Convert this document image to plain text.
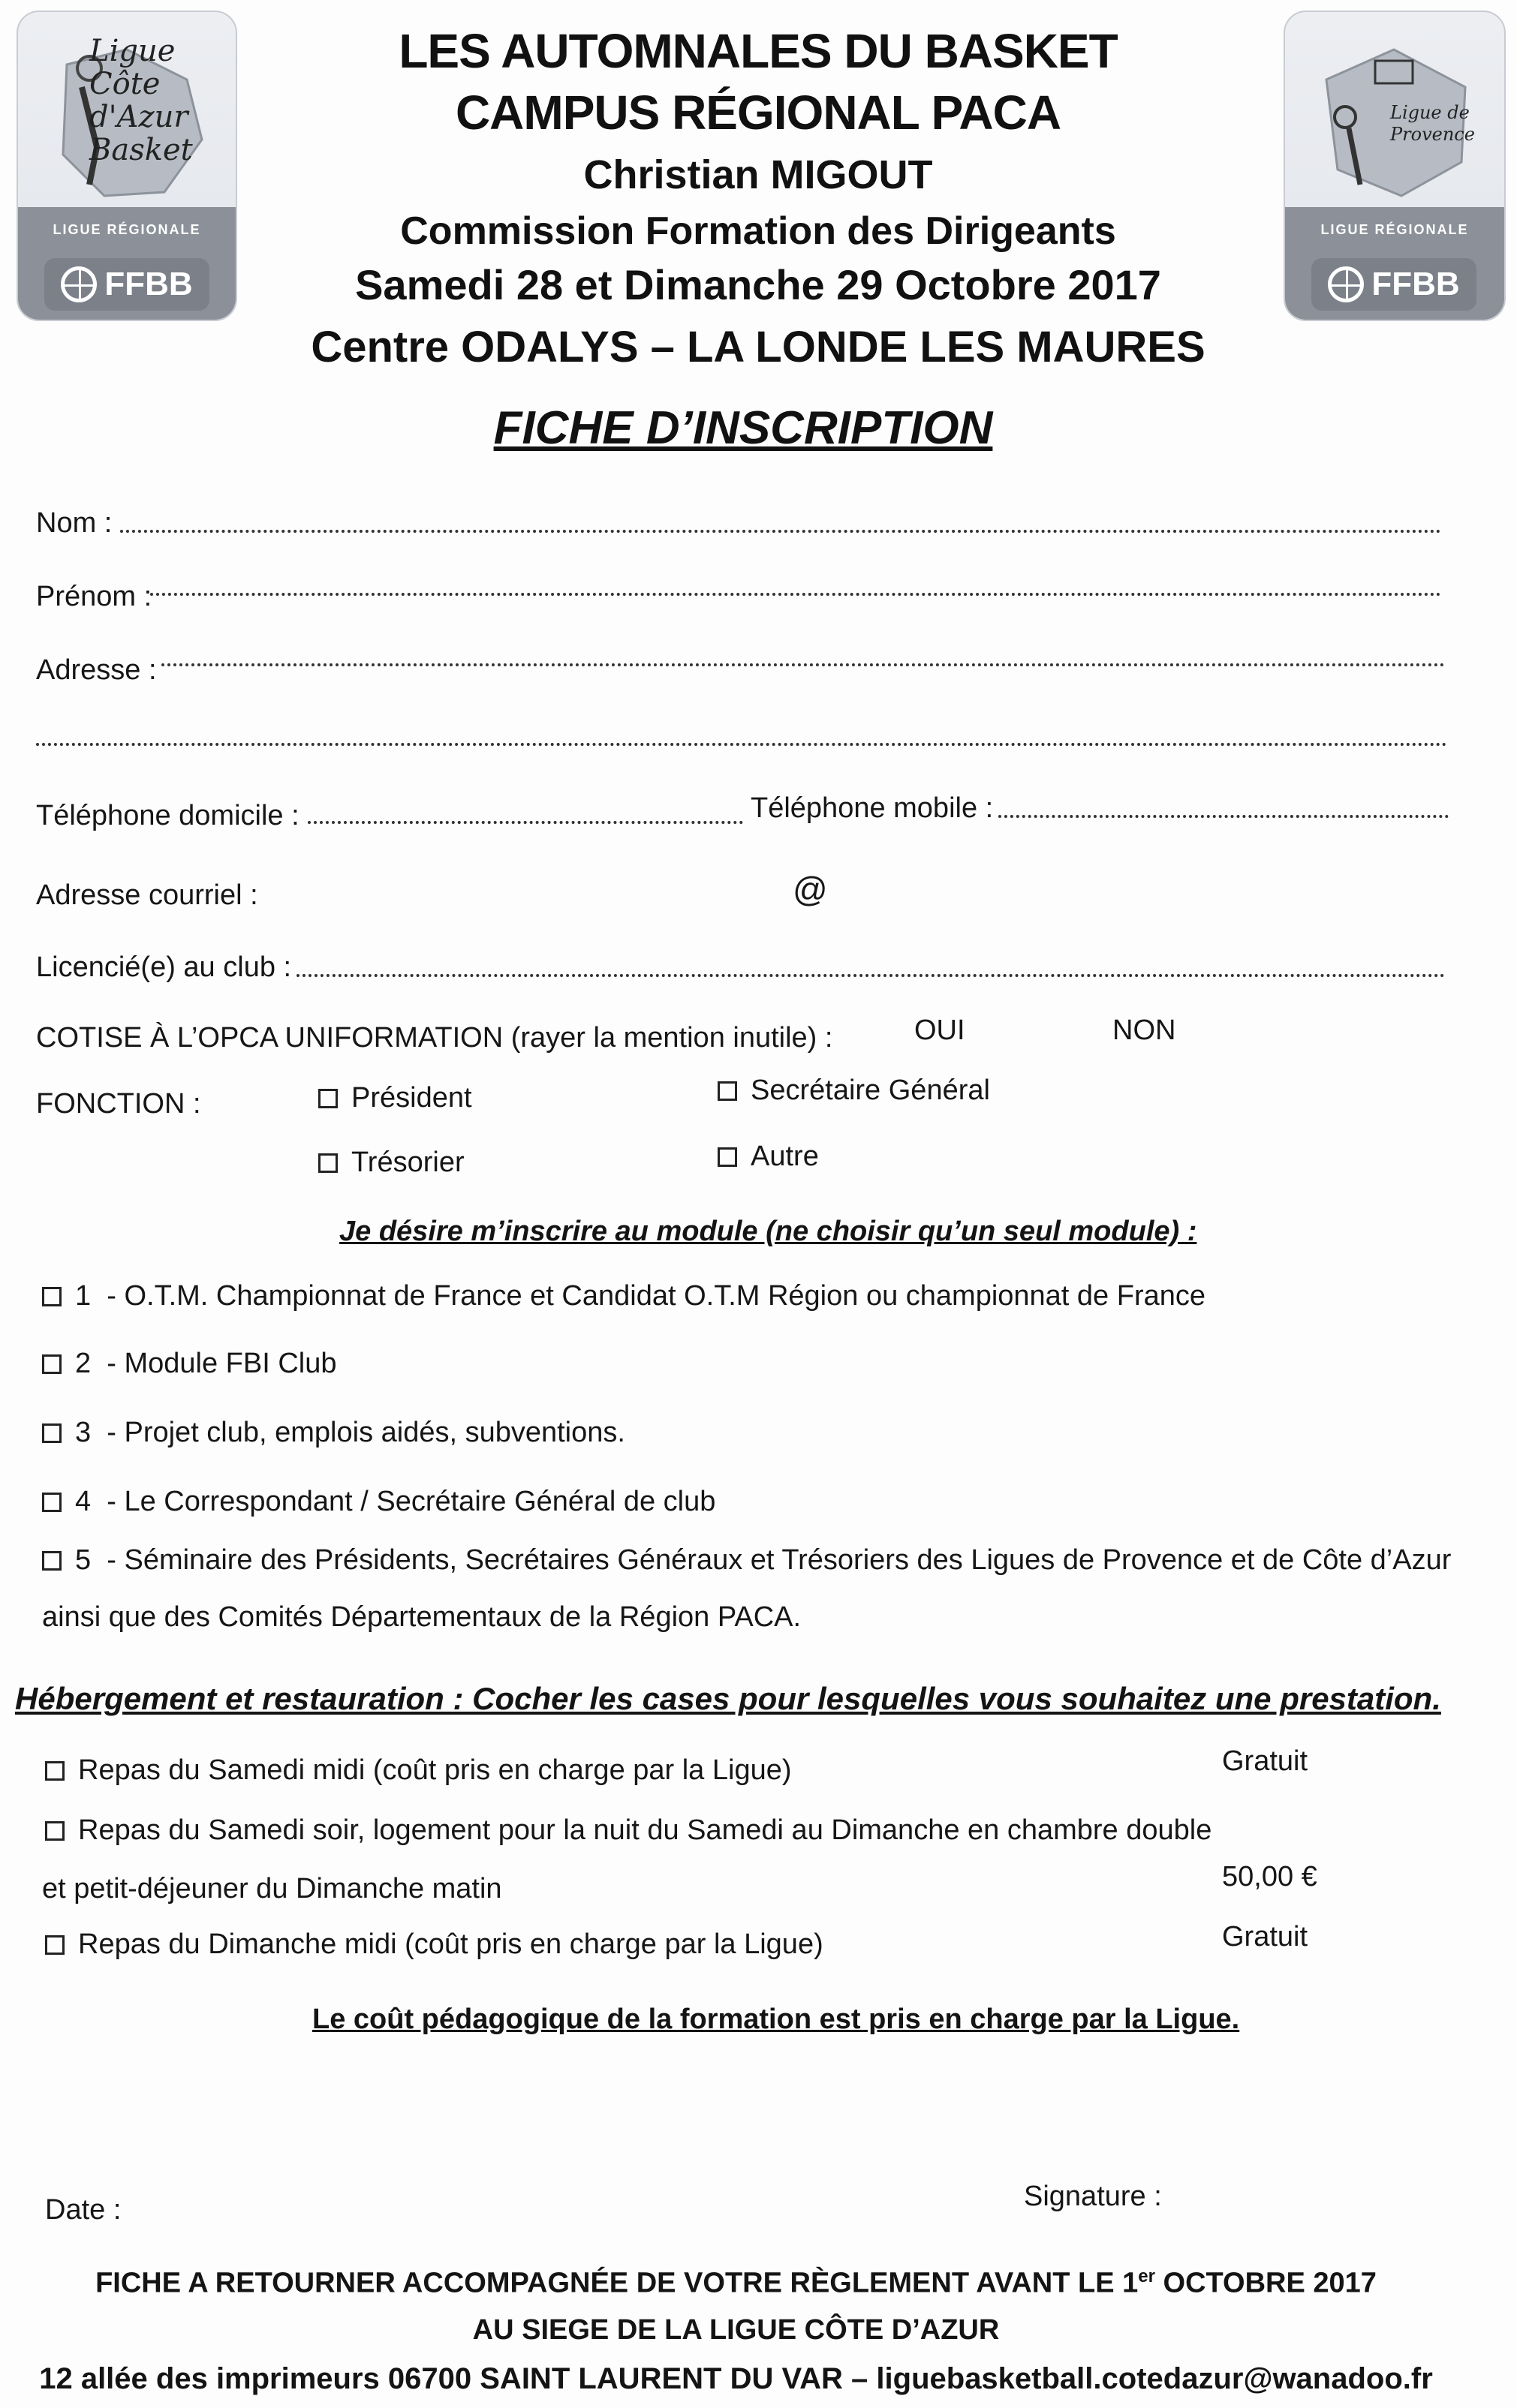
Ligue Côte d'Azur Basket
LIGUE RÉGIONALE
FFBB
Ligue de Provence
LIGUE RÉGIONALE
FFBB
LES AUTOMNALES DU BASKET
CAMPUS RÉGIONAL PACA
Christian MIGOUT
Commission Formation des Dirigeants
Samedi 28 et Dimanche 29 Octobre 2017
Centre ODALYS – LA LONDE LES MAURES
FICHE D’INSCRIPTION
Nom :
Prénom :
Adresse :
Téléphone domicile :	Téléphone mobile :
Adresse courriel :	@
Licencié(e) au club :
COTISE À L’OPCA UNIFORMATION (rayer la mention inutile) :	OUI	NON
FONCTION :	Président	Secrétaire Général
Trésorier	Autre
Je désire m’inscrire au module (ne choisir qu’un seul module) :
1 - O.T.M. Championnat de France et Candidat O.T.M Région ou championnat de France
2 - Module FBI Club
3 - Projet club, emplois aidés, subventions.
4 - Le Correspondant / Secrétaire Général de club
5 - Séminaire des Présidents, Secrétaires Généraux et Trésoriers des Ligues de Provence et de Côte d’Azur
ainsi que des Comités Départementaux de la Région PACA.
Hébergement et restauration : Cocher les cases pour lesquelles vous souhaitez une prestation.
Repas du Samedi midi (coût pris en charge par la Ligue)	Gratuit
Repas du Samedi soir, logement pour la nuit du Samedi au Dimanche en chambre double
et petit-déjeuner du Dimanche matin	50,00 €
Repas du Dimanche midi (coût pris en charge par la Ligue)	Gratuit
Le coût pédagogique de la formation est pris en charge par la Ligue.
Date :	Signature :
FICHE A RETOURNER ACCOMPAGNÉE DE VOTRE RÈGLEMENT AVANT LE 1er OCTOBRE 2017
AU SIEGE DE LA LIGUE CÔTE D’AZUR
12 allée des imprimeurs 06700 SAINT LAURENT DU VAR – liguebasketball.cotedazur@wanadoo.fr
